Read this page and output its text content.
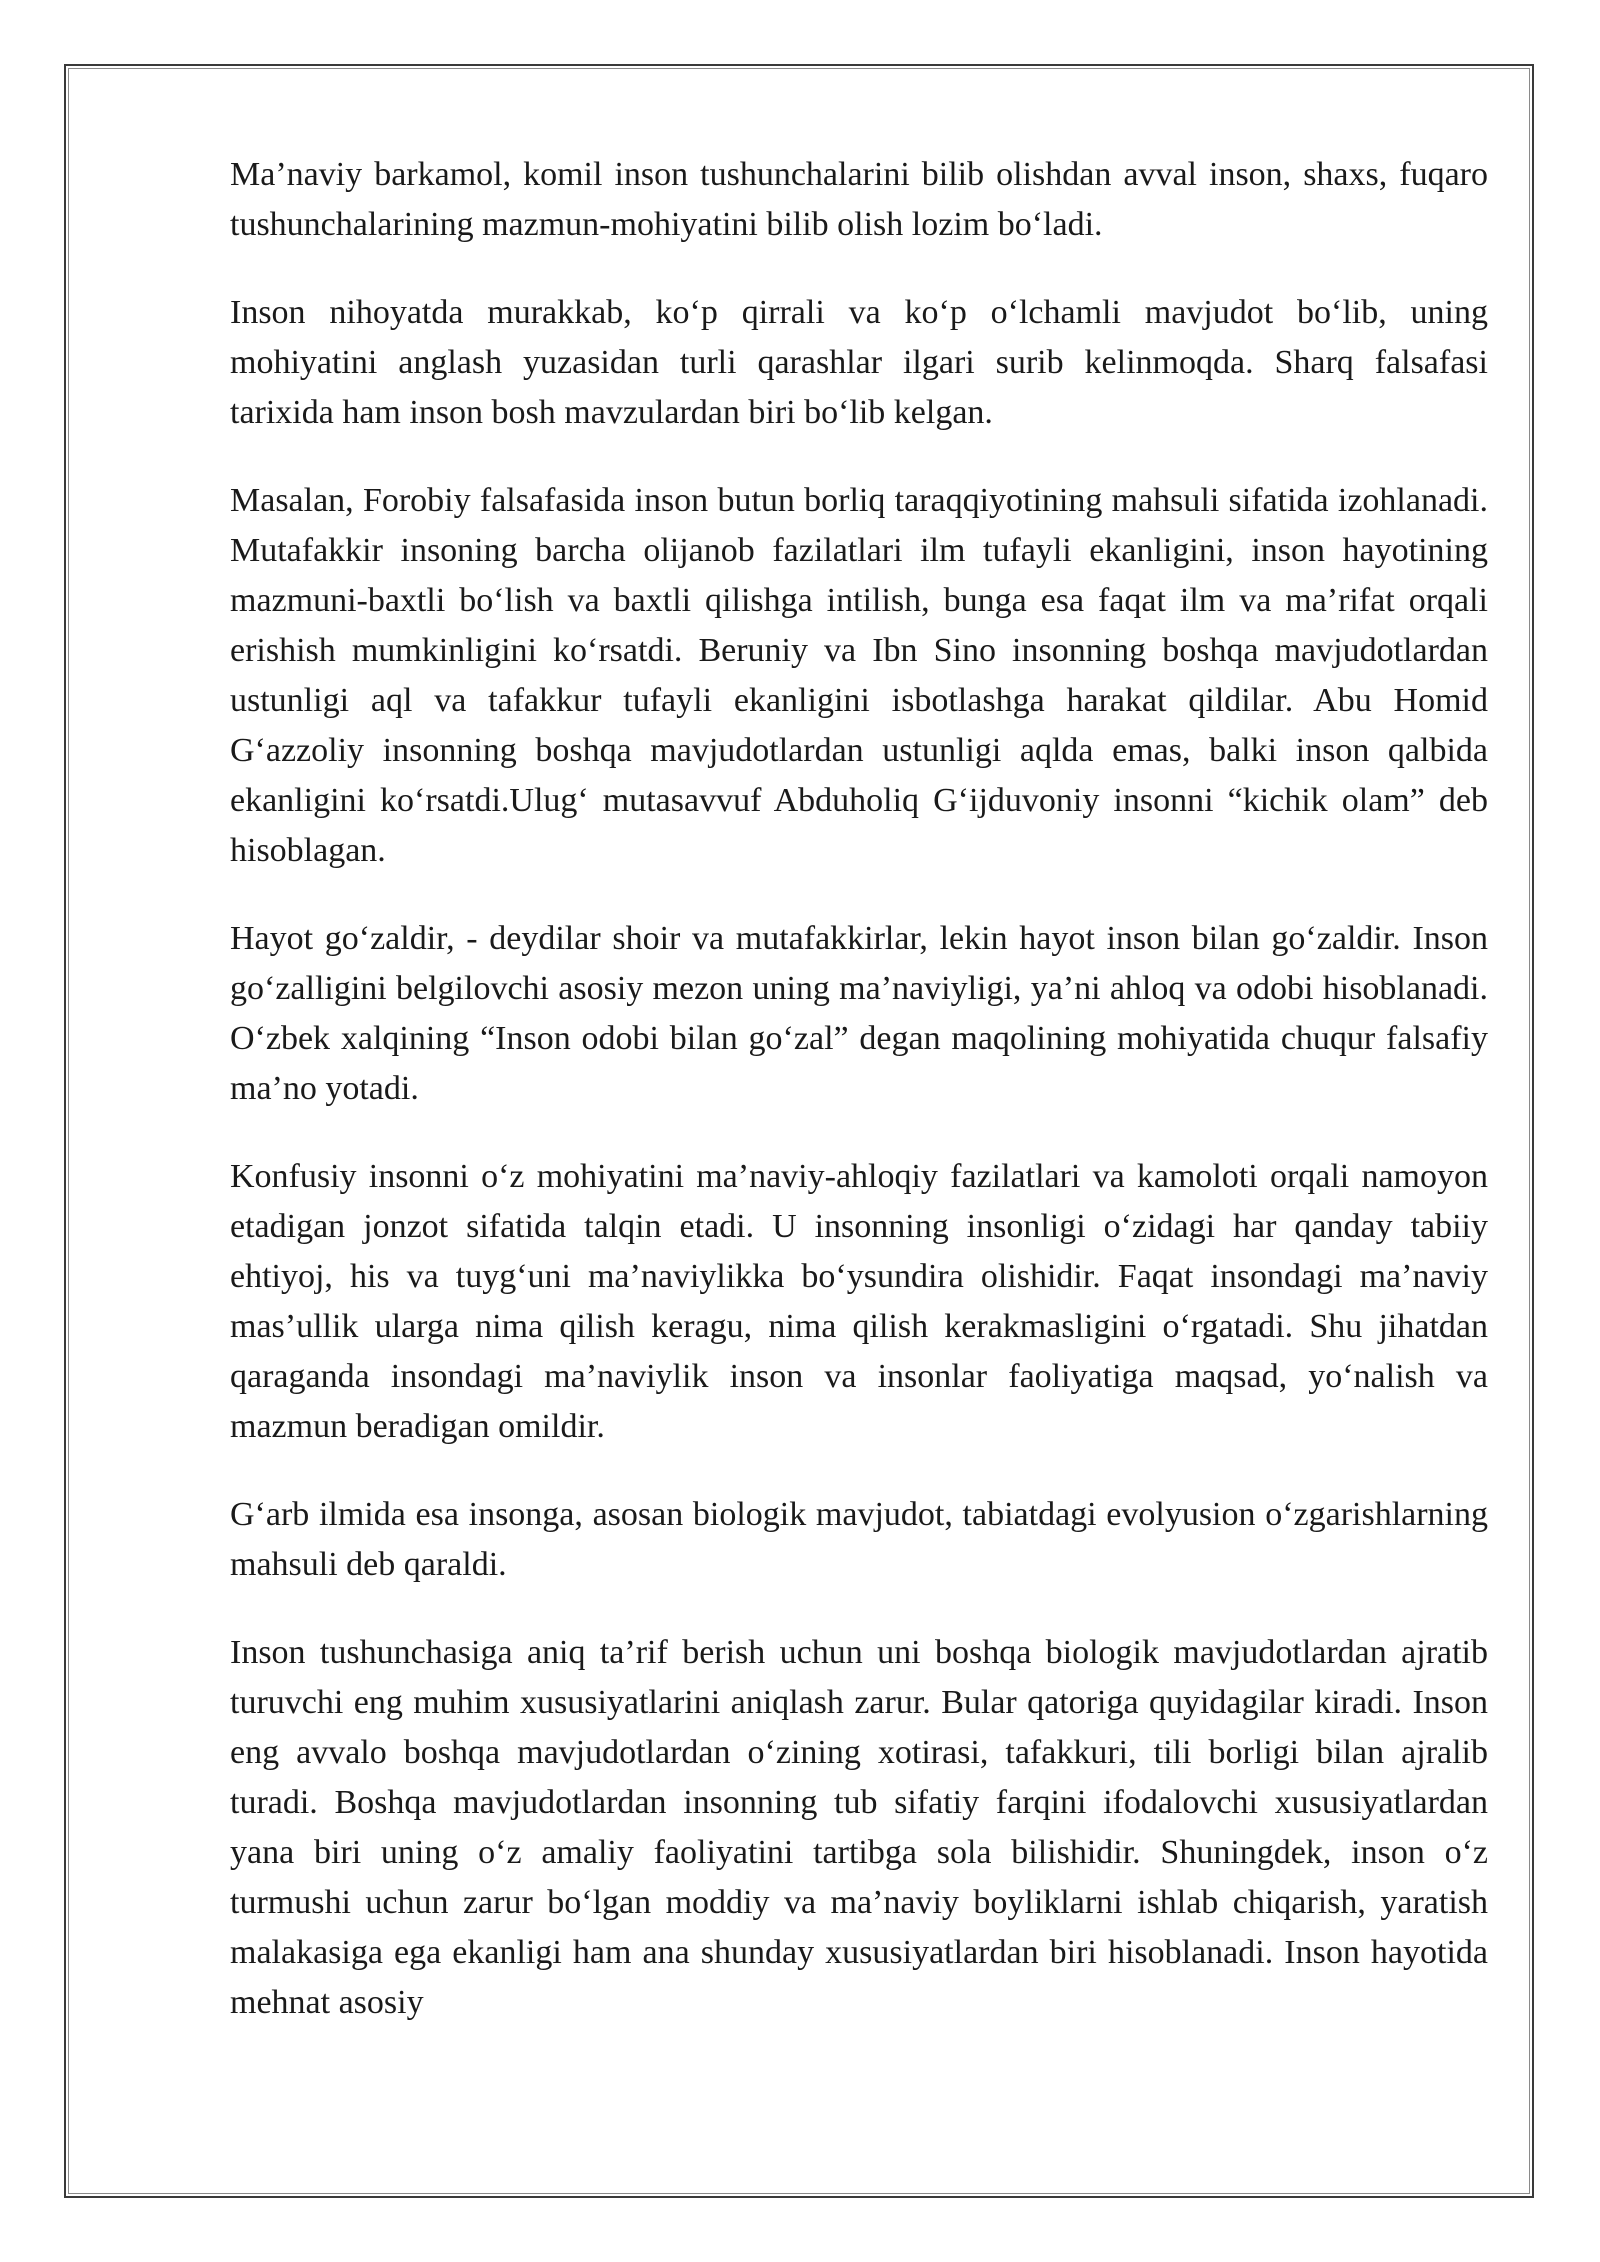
Ma’naviy barkamol, komil inson tushunchalarini bilib olishdan avval inson, shaxs, fuqaro tushunchalarining mazmun-mohiyatini bilib olish lozim bo‘ladi.

Inson nihoyatda murakkab, ko‘p qirrali va ko‘p o‘lchamli mavjudot bo‘lib, uning mohiyatini anglash yuzasidan turli qarashlar ilgari surib kelinmoqda. Sharq falsafasi tarixida ham inson bosh mavzulardan biri bo‘lib kelgan.

Masalan, Forobiy falsafasida inson butun borliq taraqqiyotining mahsuli sifatida izohlanadi. Mutafakkir insoning barcha olijanob fazilatlari ilm tufayli ekanligini, inson hayotining mazmuni-baxtli bo‘lish va baxtli qilishga intilish, bunga esa faqat ilm va ma’rifat orqali erishish mumkinligini ko‘rsatdi. Beruniy va Ibn Sino insonning boshqa mavjudotlardan ustunligi aql va tafakkur tufayli ekanligini isbotlashga harakat qildilar. Abu Homid G‘azzoliy insonning boshqa mavjudotlardan ustunligi aqlda emas, balki inson qalbida ekanligini ko‘rsatdi.Ulug‘ mutasavvuf Abduholiq G‘ijduvoniy insonni “kichik olam” deb hisoblagan.

Hayot go‘zaldir, - deydilar shoir va mutafakkirlar, lekin hayot inson bilan go‘zaldir. Inson go‘zalligini belgilovchi asosiy mezon uning ma’naviyligi, ya’ni ahloq va odobi hisoblanadi. O‘zbek xalqining “Inson odobi bilan go‘zal” degan maqolining mohiyatida chuqur falsafiy ma’no yotadi.

Konfusiy insonni o‘z mohiyatini ma’naviy-ahloqiy fazilatlari va kamoloti orqali namoyon etadigan jonzot sifatida talqin etadi. U insonning insonligi o‘zidagi har qanday tabiiy ehtiyoj, his va tuyg‘uni ma’naviylikka bo‘ysundira olishidir. Faqat insondagi ma’naviy mas’ullik ularga nima qilish keragu, nima qilish kerakmasligini o‘rgatadi. Shu jihatdan qaraganda insondagi ma’naviylik inson va insonlar faoliyatiga maqsad, yo‘nalish va mazmun beradigan omildir.

G‘arb ilmida esa insonga, asosan biologik mavjudot, tabiatdagi evolyusion o‘zgarishlarning mahsuli deb qaraldi.

Inson tushunchasiga aniq ta’rif berish uchun uni boshqa biologik mavjudotlardan ajratib turuvchi eng muhim xususiyatlarini aniqlash zarur. Bular qatoriga quyidagilar kiradi. Inson eng avvalo boshqa mavjudotlardan o‘zining xotirasi, tafakkuri, tili borligi bilan ajralib turadi. Boshqa mavjudotlardan insonning tub sifatiy farqini ifodalovchi xususiyatlardan yana biri uning o‘z amaliy faoliyatini tartibga sola bilishidir. Shuningdek, inson o‘z turmushi uchun zarur bo‘lgan moddiy va ma’naviy boyliklarni ishlab chiqarish, yaratish malakasiga ega ekanligi ham ana shunday xususiyatlardan biri hisoblanadi. Inson hayotida mehnat asosiy
